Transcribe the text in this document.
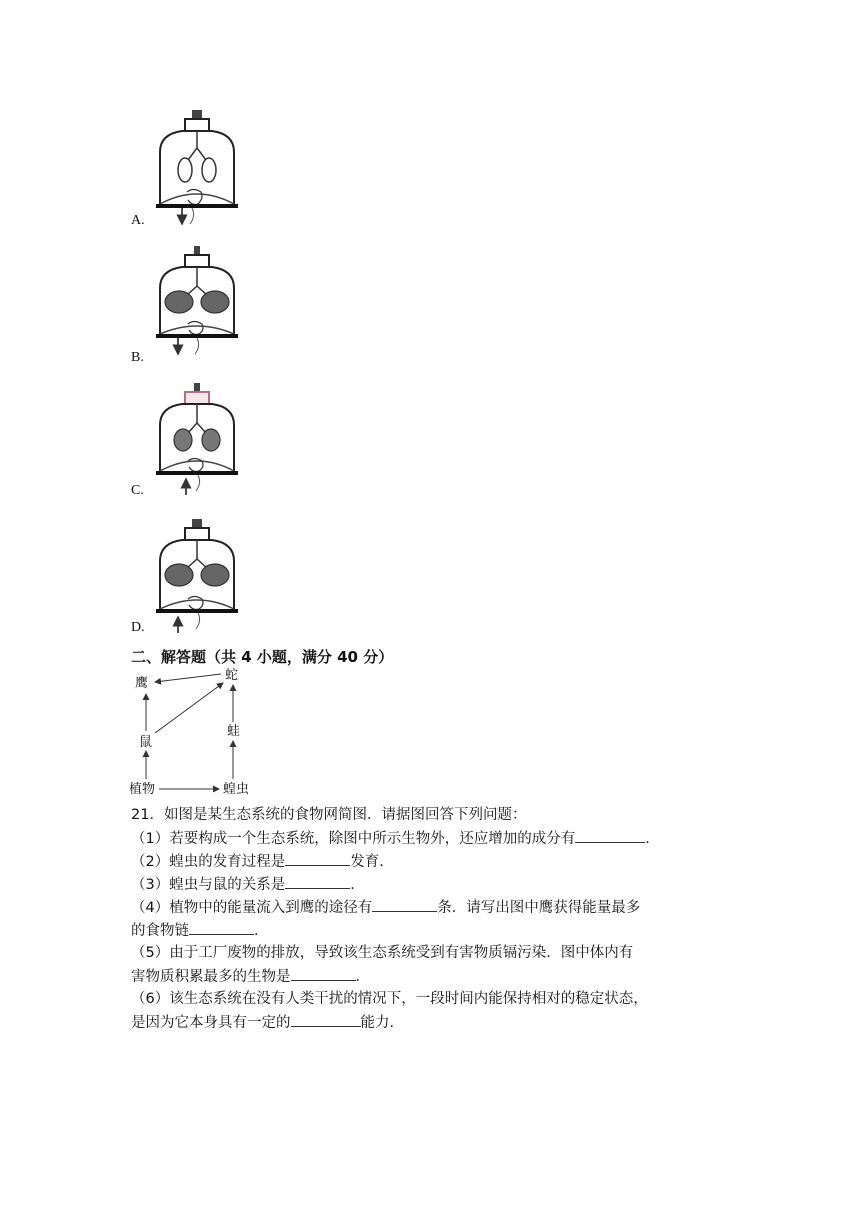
A.
B.
C.
D.
二、解答题（共 4 小题，满分 40 分）
鹰
蛇
鼠
蛙
植物	蝗虫
21．如图是某生态系统的食物网简图．请据图回答下列问题：
（1）若要构成一个生态系统，除图中所示生物外，还应增加的成分有	．
（2）蝗虫的发育过程是	发育．
（3）蝗虫与鼠的关系是	．
（4）植物中的能量流入到鹰的途径有	条．请写出图中鹰获得能量最多
的食物链	．
（5）由于工厂废物的排放，导致该生态系统受到有害物质镉污染．图中体内有
害物质积累最多的生物是	．
（6）该生态系统在没有人类干扰的情况下，一段时间内能保持相对的稳定状态，
是因为它本身具有一定的	能力．
